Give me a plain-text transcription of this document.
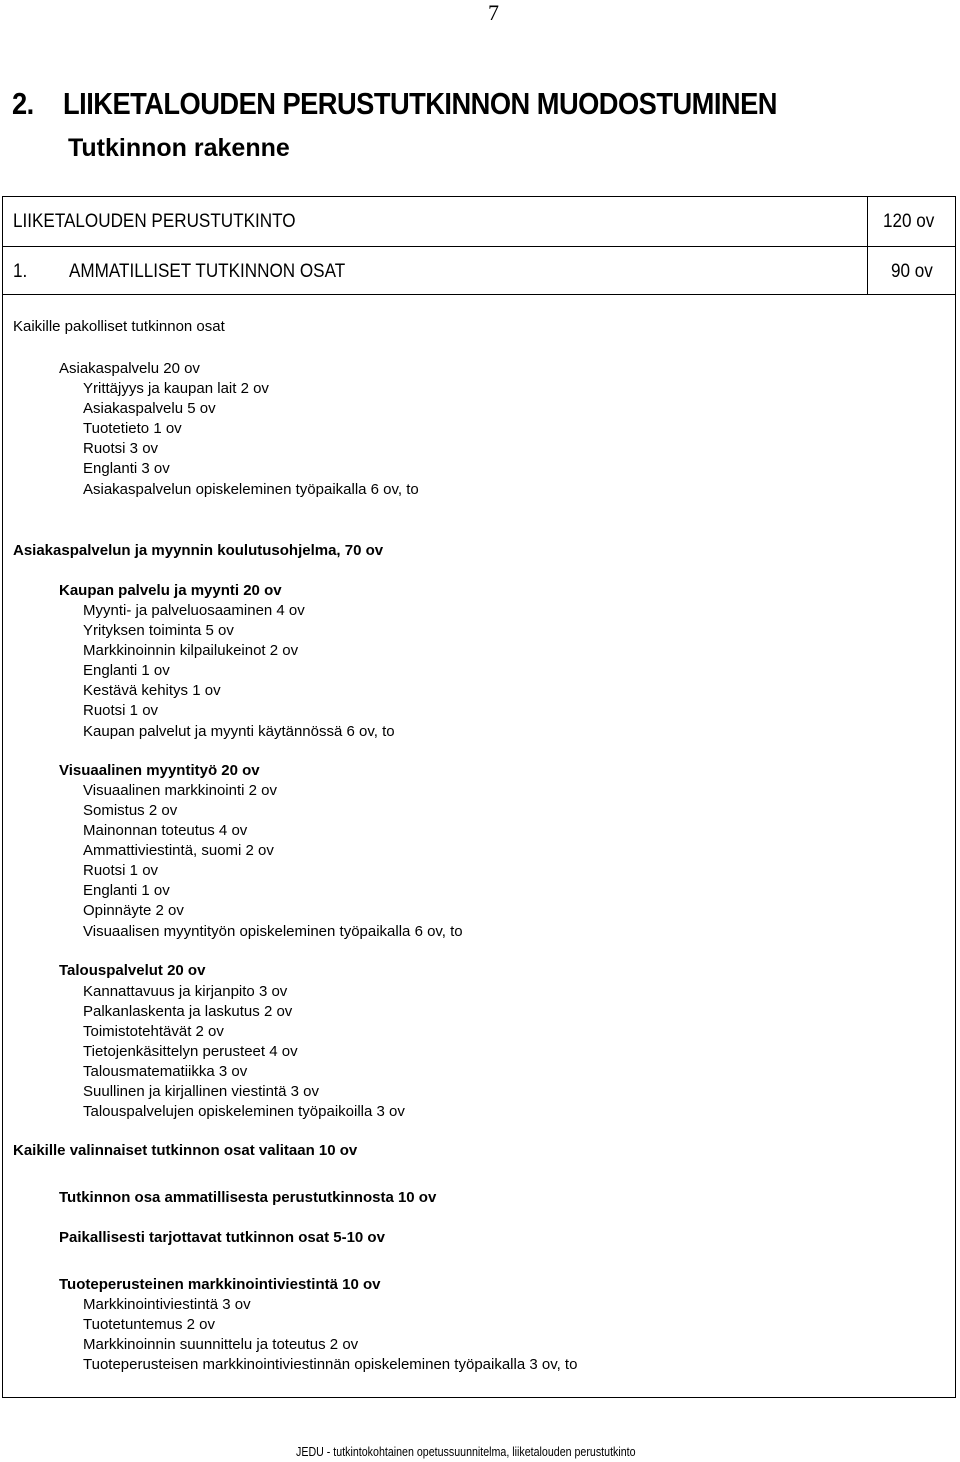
7
2. LIIKETALOUDEN PERUSTUTKINNON MUODOSTUMINEN
Tutkinnon rakenne
LIIKETALOUDEN PERUSTUTKINTO	120 ov
1. AMMATILLISET TUTKINNON OSAT	90 ov
Kaikille pakolliset tutkinnon osat
Asiakaspalvelu 20 ov
Yrittäjyys ja kaupan lait 2 ov
Asiakaspalvelu 5 ov
Tuotetieto 1 ov
Ruotsi 3 ov
Englanti 3 ov
Asiakaspalvelun opiskeleminen työpaikalla 6 ov, to
Asiakaspalvelun ja myynnin koulutusohjelma, 70 ov
Kaupan palvelu ja myynti 20 ov
Myynti- ja palveluosaaminen 4 ov
Yrityksen toiminta 5 ov
Markkinoinnin kilpailukeinot 2 ov
Englanti 1 ov
Kestävä kehitys 1 ov
Ruotsi 1 ov
Kaupan palvelut ja myynti käytännössä 6 ov, to
Visuaalinen myyntityö 20 ov
Visuaalinen markkinointi 2 ov
Somistus 2 ov
Mainonnan toteutus 4 ov
Ammattiviestintä, suomi 2 ov
Ruotsi 1 ov
Englanti 1 ov
Opinnäyte 2 ov
Visuaalisen myyntityön opiskeleminen työpaikalla 6 ov, to
Talouspalvelut 20 ov
Kannattavuus ja kirjanpito 3 ov
Palkanlaskenta ja laskutus 2 ov
Toimistotehtävät 2 ov
Tietojenkäsittelyn perusteet 4 ov
Talousmatematiikka 3 ov
Suullinen ja kirjallinen viestintä 3 ov
Talouspalvelujen opiskeleminen työpaikoilla 3 ov
Kaikille valinnaiset tutkinnon osat valitaan 10 ov
Tutkinnon osa ammatillisesta perustutkinnosta 10 ov
Paikallisesti tarjottavat tutkinnon osat 5-10 ov
Tuoteperusteinen markkinointiviestintä 10 ov
Markkinointiviestintä 3 ov
Tuotetuntemus 2 ov
Markkinoinnin suunnittelu ja toteutus 2 ov
Tuoteperusteisen markkinointiviestinnän opiskeleminen työpaikalla 3 ov, to
JEDU - tutkintokohtainen opetussuunnitelma, liiketalouden perustutkinto
